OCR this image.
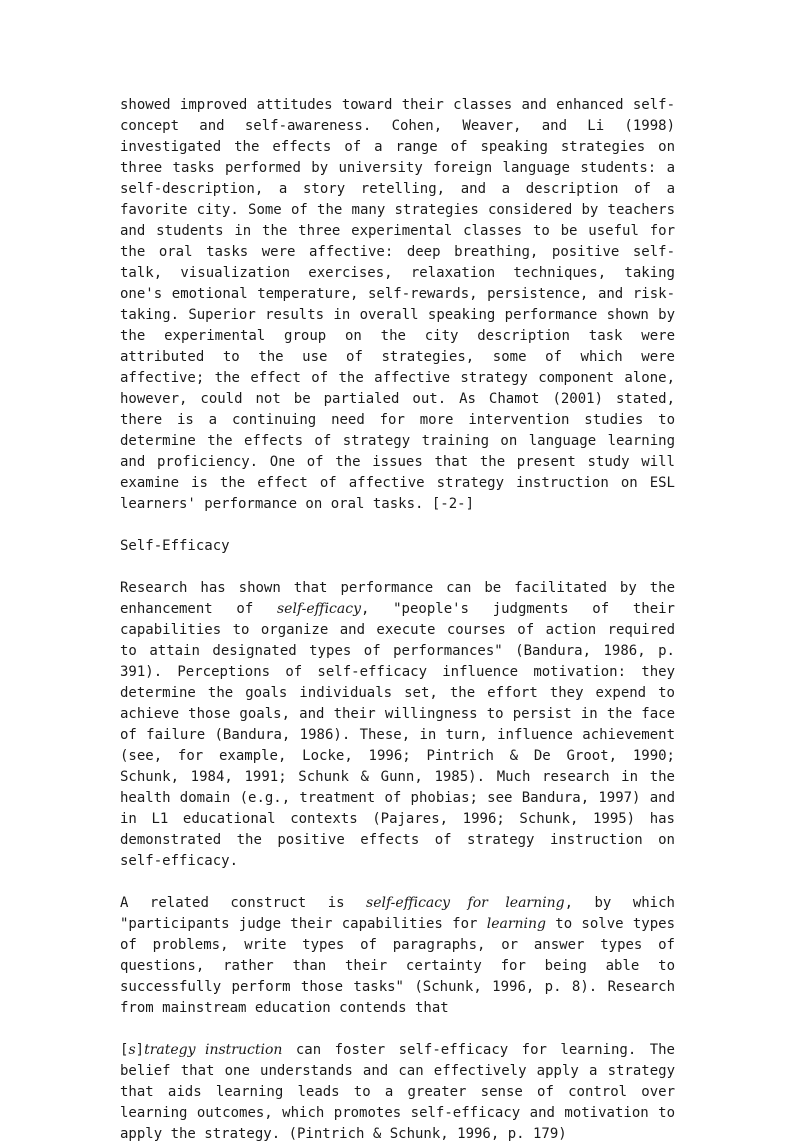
showed improved attitudes toward their classes and enhanced self-concept and self-awareness. Cohen, Weaver, and Li (1998) investigated the effects of a range of speaking strategies on three tasks performed by university foreign language students: a self-description, a story retelling, and a description of a favorite city. Some of the many strategies considered by teachers and students in the three experimental classes to be useful for the oral tasks were affective: deep breathing, positive self-talk, visualization exercises, relaxation techniques, taking one's emotional temperature, self-rewards, persistence, and risk-taking. Superior results in overall speaking performance shown by the experimental group on the city description task were attributed to the use of strategies, some of which were affective; the effect of the affective strategy component alone, however, could not be partialed out. As Chamot (2001) stated, there is a continuing need for more intervention studies to determine the effects of strategy training on language learning and proficiency. One of the issues that the present study will examine is the effect of affective strategy instruction on ESL learners' performance on oral tasks. [-2-]

Self-Efficacy

Research has shown that performance can be facilitated by the enhancement of self-efficacy, "people's judgments of their capabilities to organize and execute courses of action required to attain designated types of performances" (Bandura, 1986, p. 391). Perceptions of self-efficacy influence motivation: they determine the goals individuals set, the effort they expend to achieve those goals, and their willingness to persist in the face of failure (Bandura, 1986). These, in turn, influence achievement (see, for example, Locke, 1996; Pintrich & De Groot, 1990; Schunk, 1984, 1991; Schunk & Gunn, 1985). Much research in the health domain (e.g., treatment of phobias; see Bandura, 1997) and in L1 educational contexts (Pajares, 1996; Schunk, 1995) has demonstrated the positive effects of strategy instruction on self-efficacy.

A related construct is self-efficacy for learning, by which "participants judge their capabilities for learning to solve types of problems, write types of paragraphs, or answer types of questions, rather than their certainty for being able to successfully perform those tasks" (Schunk, 1996, p. 8). Research from mainstream education contends that

[s]trategy instruction can foster self-efficacy for learning. The belief that one understands and can effectively apply a strategy that aids learning leads to a greater sense of control over learning outcomes, which promotes self-efficacy and motivation to apply the strategy. (Pintrich & Schunk, 1996, p. 179)
